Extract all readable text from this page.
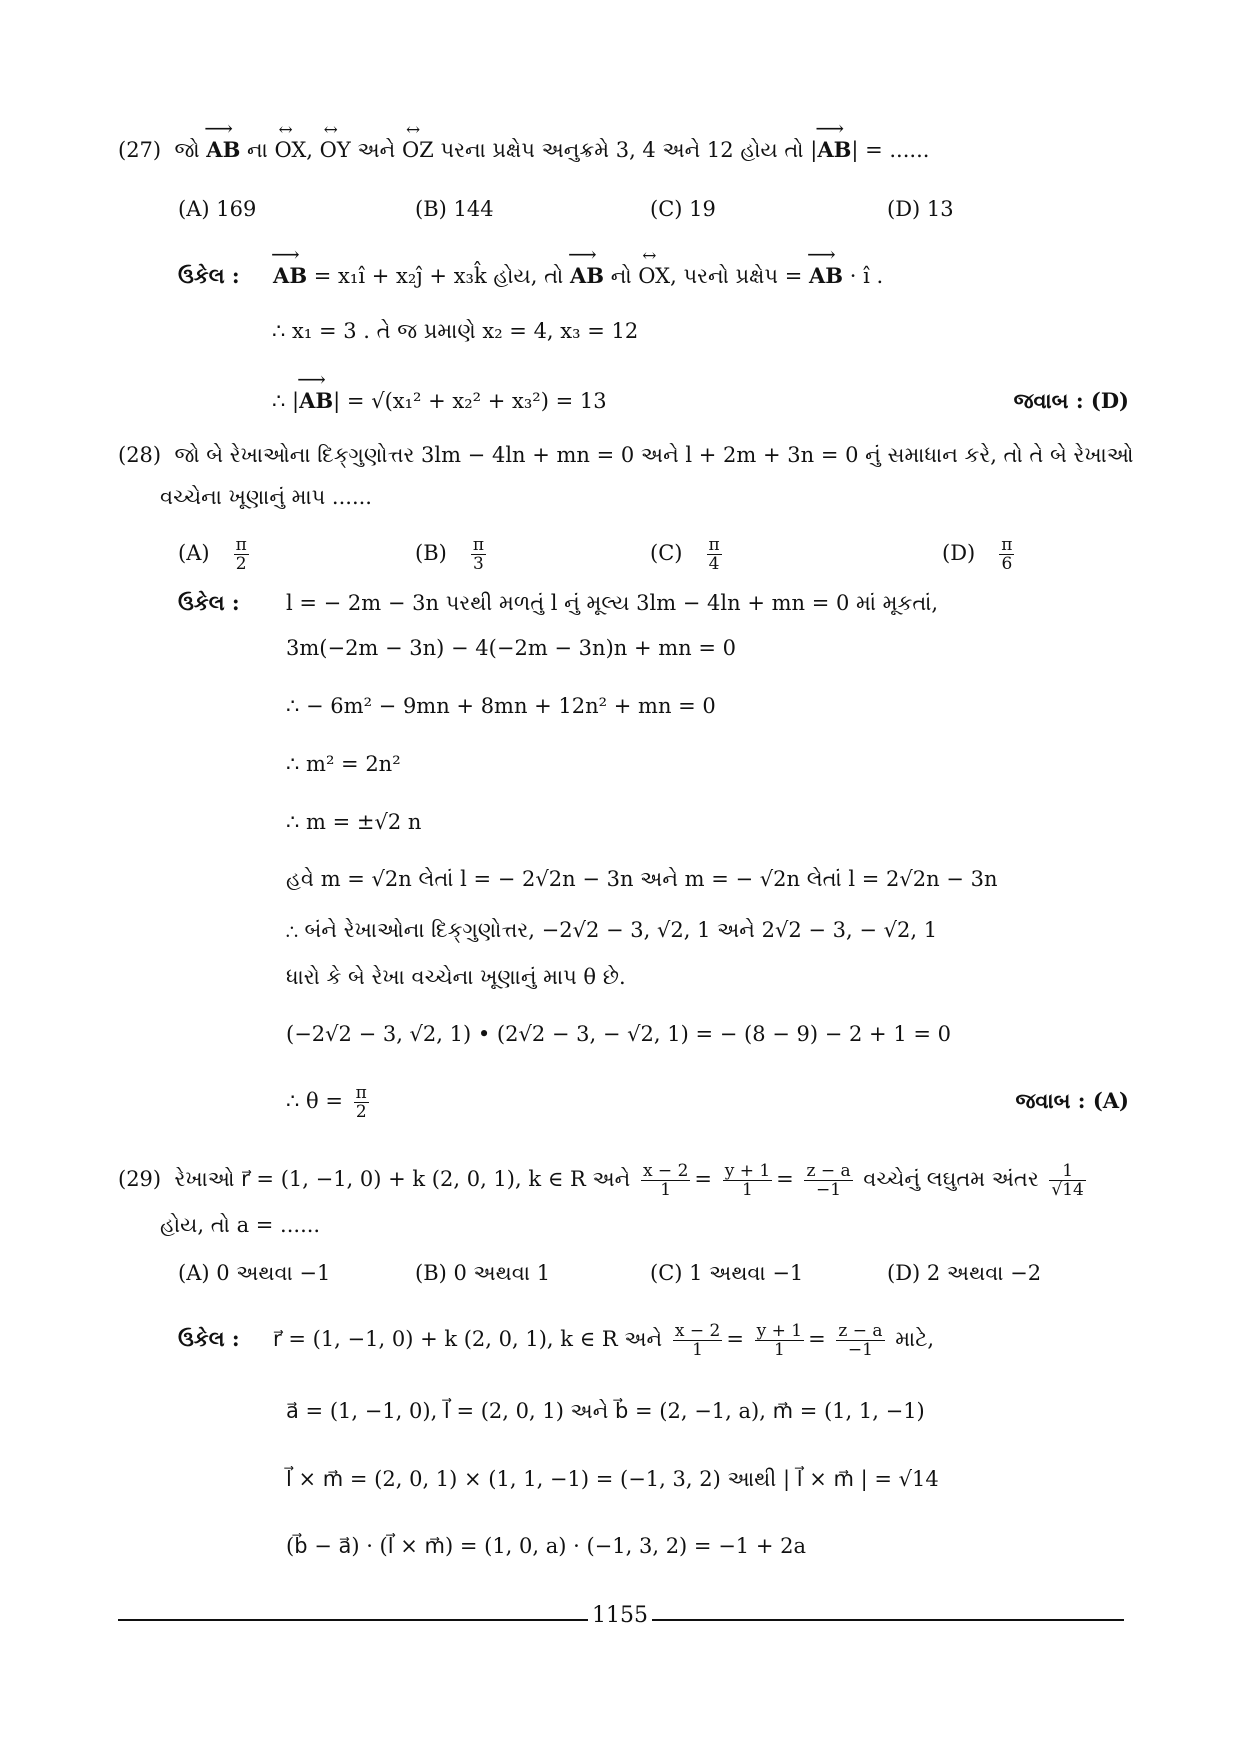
(27) જો ⟶ AB ના ↔ OX, ↔ OY અને ↔ OZ પરના પ્રક્ષેપ અનુક્રમે 3, 4 અને 12 હોય તો |⟶ AB| = ......
(A) 169	(B) 144	(C) 19	(D) 13
ઉકેલ : ⟶ AB = x₁î + x₂ĵ + x₃k̂ હોય, તો ⟶ AB નો ↔ OX, પરનો પ્રક્ષેપ = ⟶ AB · î .
∴ x₁ = 3 . તે જ પ્રમાણે x₂ = 4, x₃ = 12
∴ |⟶ AB| = √(x₁² + x₂² + x₃²) = 13	જવાબ : (D)
(28) જો બે રેખાઓના દિક્‌ગુણોત્તર 3lm − 4ln + mn = 0 અને l + 2m + 3n = 0 નું સમાધાન કરે, તો તે બે રેખાઓ
વચ્ચેના ખૂણાનું માપ ......
$(A) \frac{\pi}{2}$	$(B) \frac{\pi}{3}$	$(C) \frac{\pi}{4}$	$(D) \frac{\pi}{6}$
ઉકેલ : l = − 2m − 3n પરથી મળતું l નું મૂલ્ય 3lm − 4ln + mn = 0 માં મૂકતાં,
3m(−2m − 3n) − 4(−2m − 3n)n + mn = 0
∴ − 6m² − 9mn + 8mn + 12n² + mn = 0
∴ m² = 2n²
∴ m = ±√2 n
હવે m = √2n લેતાં l = − 2√2n − 3n અને m = − √2n લેતાં l = 2√2n − 3n
∴ બંને રેખાઓના દિક્‌ગુણોત્તર, −2√2 − 3, √2, 1 અને 2√2 − 3, − √2, 1
ધારો કે બે રેખા વચ્ચેના ખૂણાનું માપ θ છે.
(−2√2 − 3, √2, 1) • (2√2 − 3, − √2, 1) = − (8 − 9) − 2 + 1 = 0
∴ $\theta = \frac{\pi}{2}$	જવાબ : (A)
(29) રેખાઓ r⃗ = (1, −1, 0) + k (2, 0, 1), k ∈ R અને $\frac{x - 2}{1} = \frac{y + 1}{1} = \frac{z - a}{-1}$ વચ્ચેનું લઘુતમ અંતર $\frac{1}{√14}$
હોય, તો a = ......
(A) 0 અથવા −1	(B) 0 અથવા 1	(C) 1 અથવા −1	(D) 2 અથવા −2
ઉકેલ : r⃗ = (1, −1, 0) + k (2, 0, 1), k ∈ R અને $\frac{x - 2}{1} = \frac{y + 1}{1} = \frac{z - a}{-1}$ માટે,
a⃗ = (1, −1, 0), l⃗ = (2, 0, 1) અને b⃗ = (2, −1, a), m⃗ = (1, 1, −1)
l⃗ × m⃗ = (2, 0, 1) × (1, 1, −1) = (−1, 3, 2) આથી | l⃗ × m⃗ | = √14
(b⃗ − a⃗) · (l⃗ × m⃗) = (1, 0, a) · (−1, 3, 2) = −1 + 2a
1155
